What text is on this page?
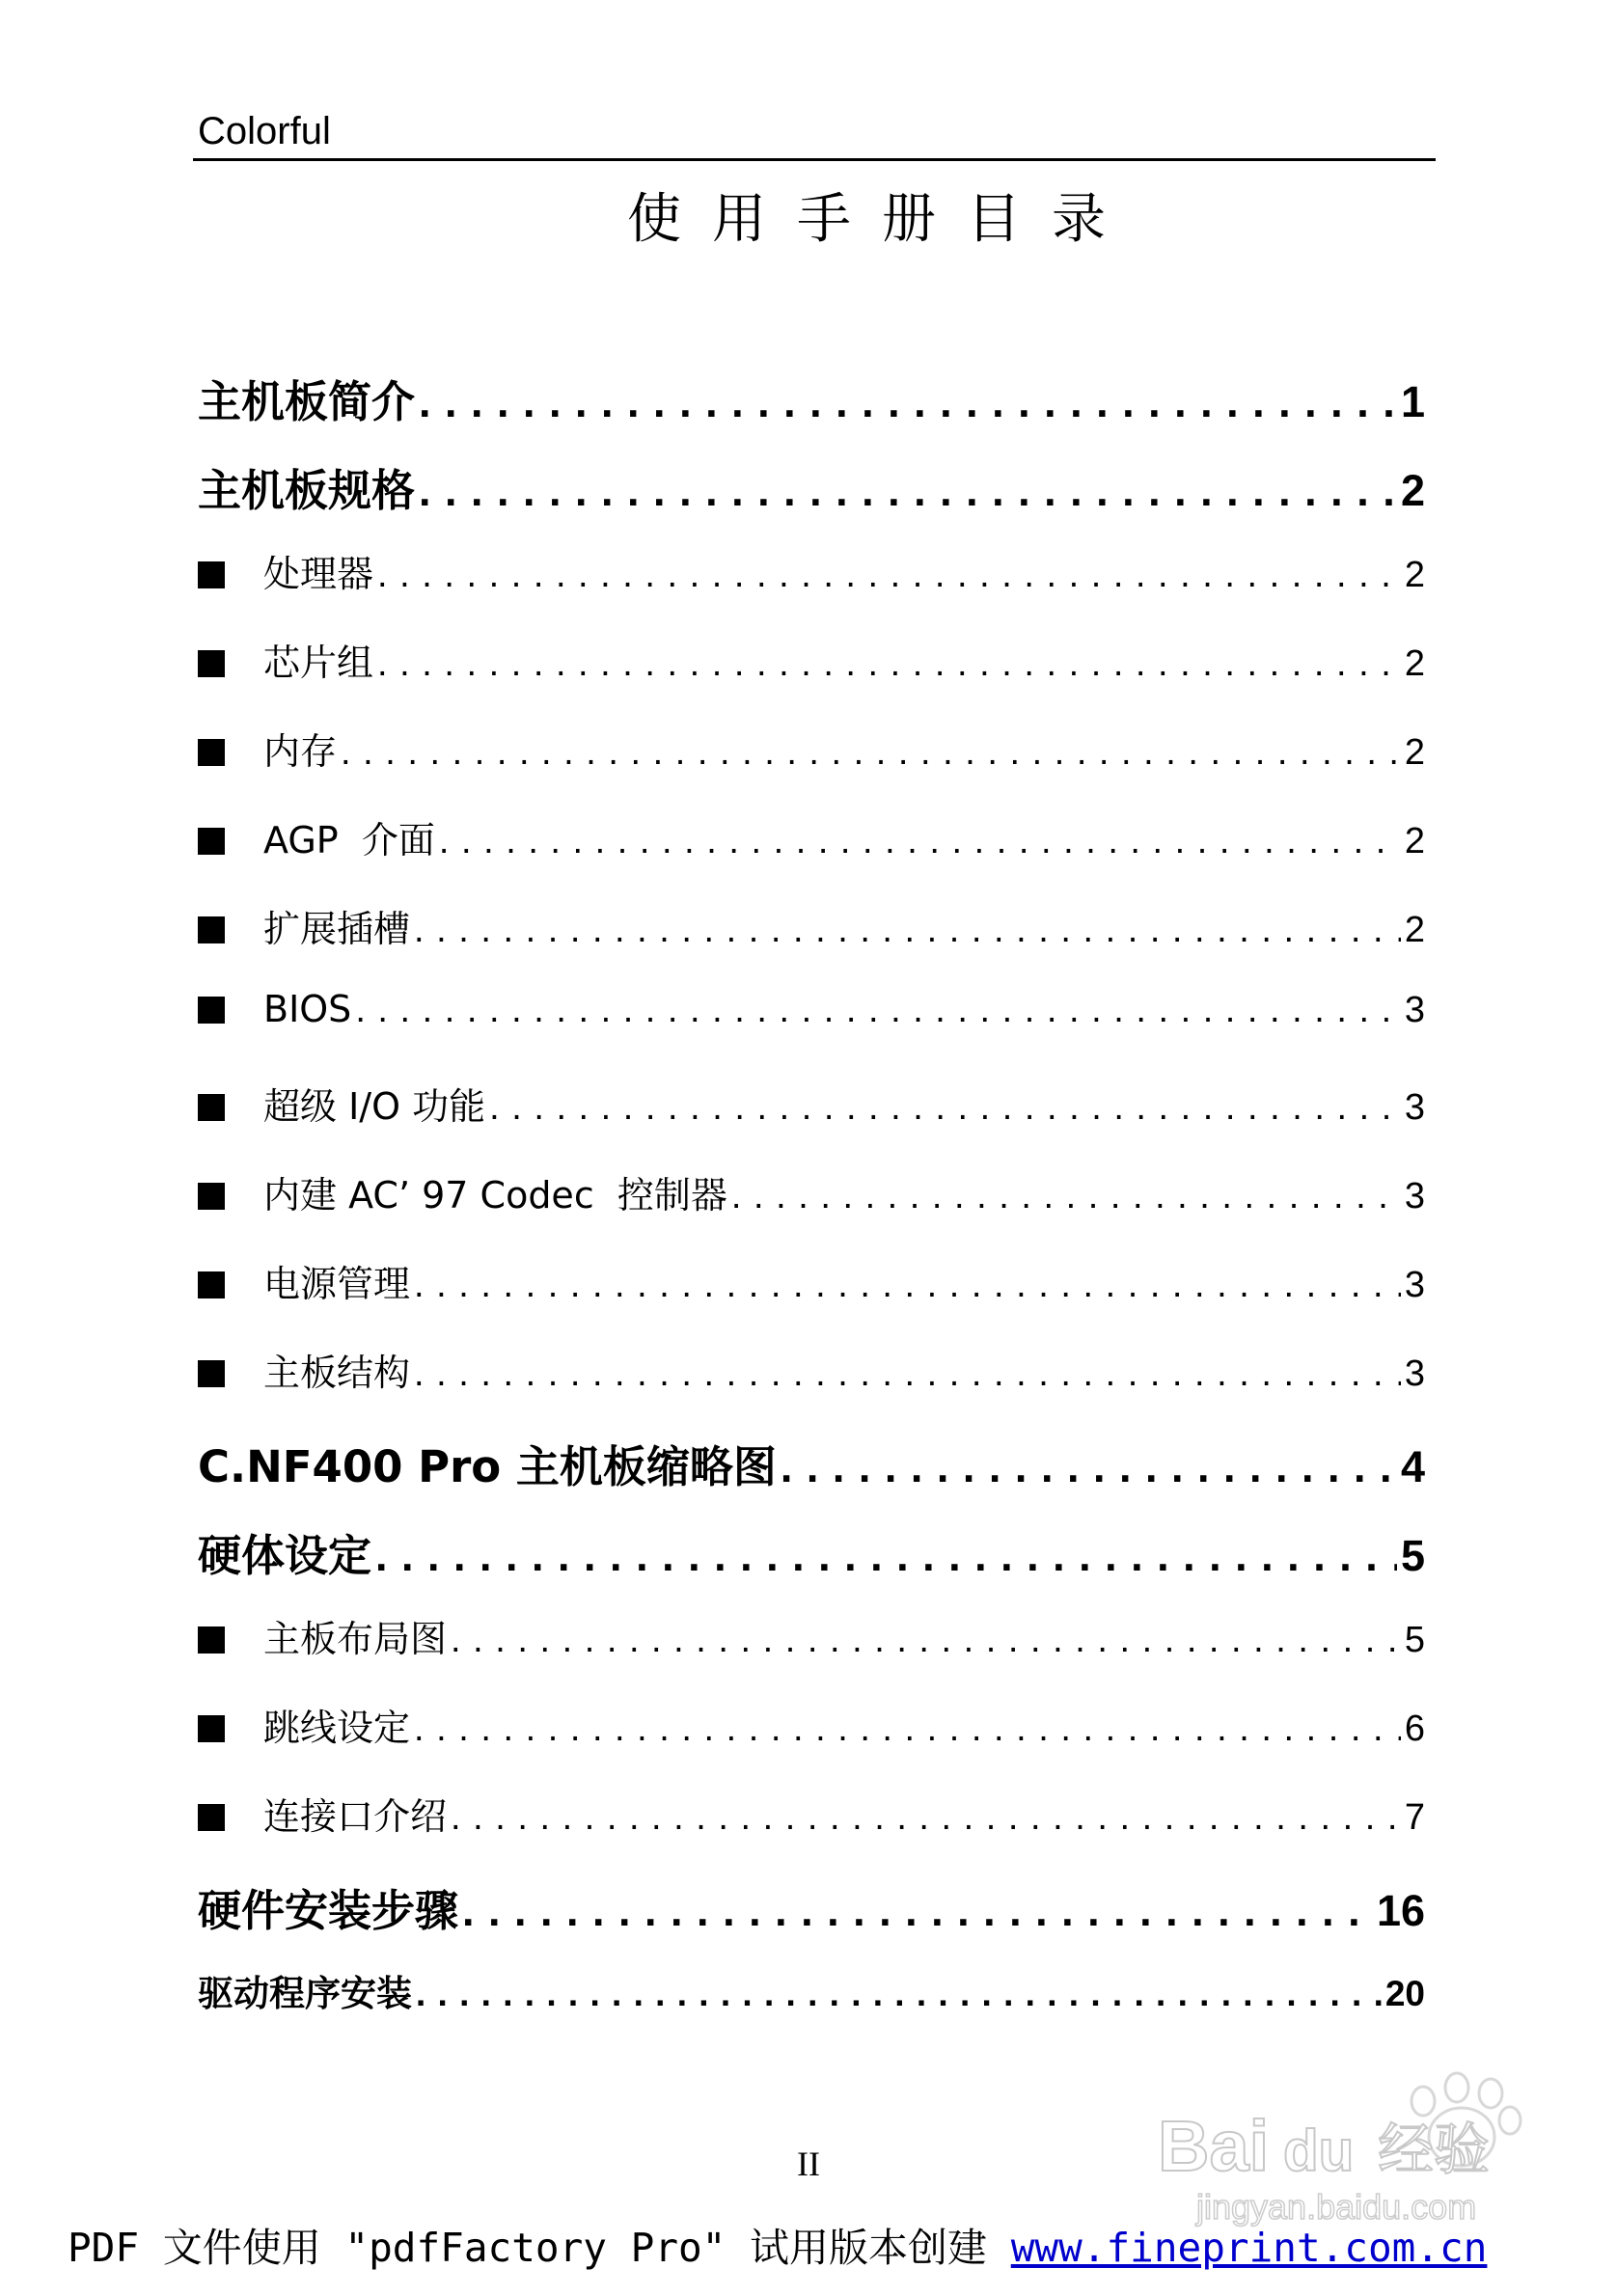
Colorful
使用手册目录
主机板简介 . . .	1
主机板规格 . . .	2
处理器 . . .	2
芯片组 . . .	2
内存 . . .	2
AGP  介面 . . .	2
扩展插槽 . . .	2
BIOS . . .	3
超级 I/O 功能 . . .	3
内建 AC’ 97 Codec  控制器 . . .	3
电源管理 . . .	3
主板结构 . . .	3
C.NF400 Pro 主机板缩略图 . . .	4
硬体设定 . . .	5
主板布局图 . . .	5
跳线设定 . . .	6
连接口介绍 . . .	7
硬件安装步骤 . . .	16
驱动程序安装 . . .	20
II	Bai du 经验
jingyan.baidu.com
PDF 文件使用 "pdfFactory Pro" 试用版本创建 www.fineprint.com.cn
